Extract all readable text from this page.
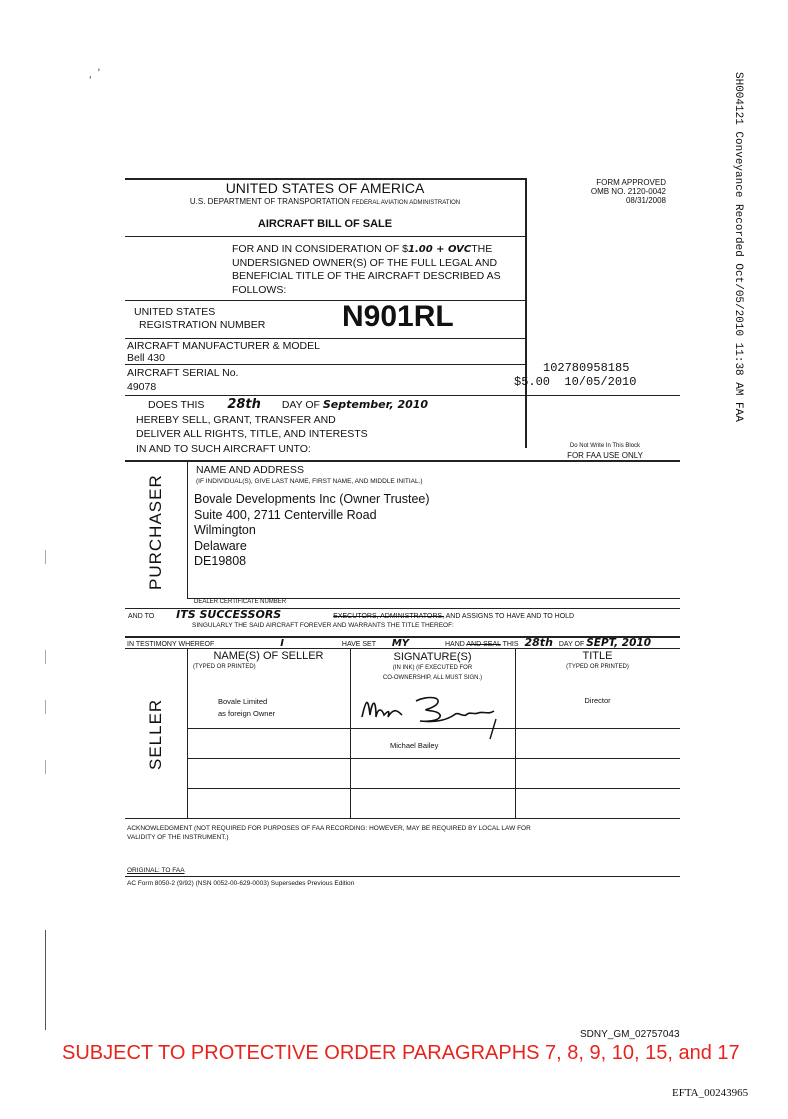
˒ ʾ	SH004121 Conveyance Recorded Oct/05/2010 11:38 AM FAA
UNITED STATES OF AMERICA
U.S. DEPARTMENT OF TRANSPORTATION FEDERAL AVIATION ADMINISTRATION
AIRCRAFT BILL OF SALE
FORM APPROVED
OMB NO. 2120-0042
08/31/2008
FOR AND IN CONSIDERATION OF $1.00 + OVCTHE
UNDERSIGNED OWNER(S) OF THE FULL LEGAL AND
BENEFICIAL TITLE OF THE AIRCRAFT DESCRIBED AS
FOLLOWS:
UNITED STATES
REGISTRATION NUMBER	N901RL
AIRCRAFT MANUFACTURER & MODEL
Bell 430
AIRCRAFT SERIAL No.
49078
102780958185
$5.00  10/05/2010
DOES THIS 28th DAY OF September, 2010
HEREBY SELL, GRANT, TRANSFER AND
DELIVER ALL RIGHTS, TITLE, AND INTERESTS
IN AND TO SUCH AIRCRAFT UNTO:	Do Not Write In This Block
FOR FAA USE ONLY
PURCHASER
NAME AND ADDRESS
(IF INDIVIDUAL(S), GIVE LAST NAME, FIRST NAME, AND MIDDLE INITIAL.)
Bovale Developments Inc (Owner Trustee)
Suite 400, 2711 Centerville Road
Wilmington
Delaware
DE19808
DEALER CERTIFICATE NUMBER
AND TO ITS SUCCESSORS	EXECUTORS, ADMINISTRATORS, AND ASSIGNS TO HAVE AND TO HOLD
SINGULARLY THE SAID AIRCRAFT FOREVER AND WARRANTS THE TITLE THEREOF:
IN TESTIMONY WHEREOF	I	HAVE SET MY	HAND AND SEAL THIS 28th DAY OF SEPT, 2010
SELLER
NAME(S) OF SELLER
(TYPED OR PRINTED)
SIGNATURE(S)
(IN INK) (IF EXECUTED FOR
CO-OWNERSHIP, ALL MUST SIGN.)
TITLE
(TYPED OR PRINTED)
Bovale Limited
as foreign Owner
Michael Bailey
Director
ACKNOWLEDGMENT (NOT REQUIRED FOR PURPOSES OF FAA RECORDING: HOWEVER, MAY BE REQUIRED BY LOCAL LAW FOR
VALIDITY OF THE INSTRUMENT.)
ORIGINAL: TO FAA
AC Form 8050-2 (9/92) (NSN 0052-00-629-0003) Supersedes Previous Edition
SDNY_GM_02757043
SUBJECT TO PROTECTIVE ORDER PARAGRAPHS 7, 8, 9, 10, 15, and 17
EFTA_00243965
